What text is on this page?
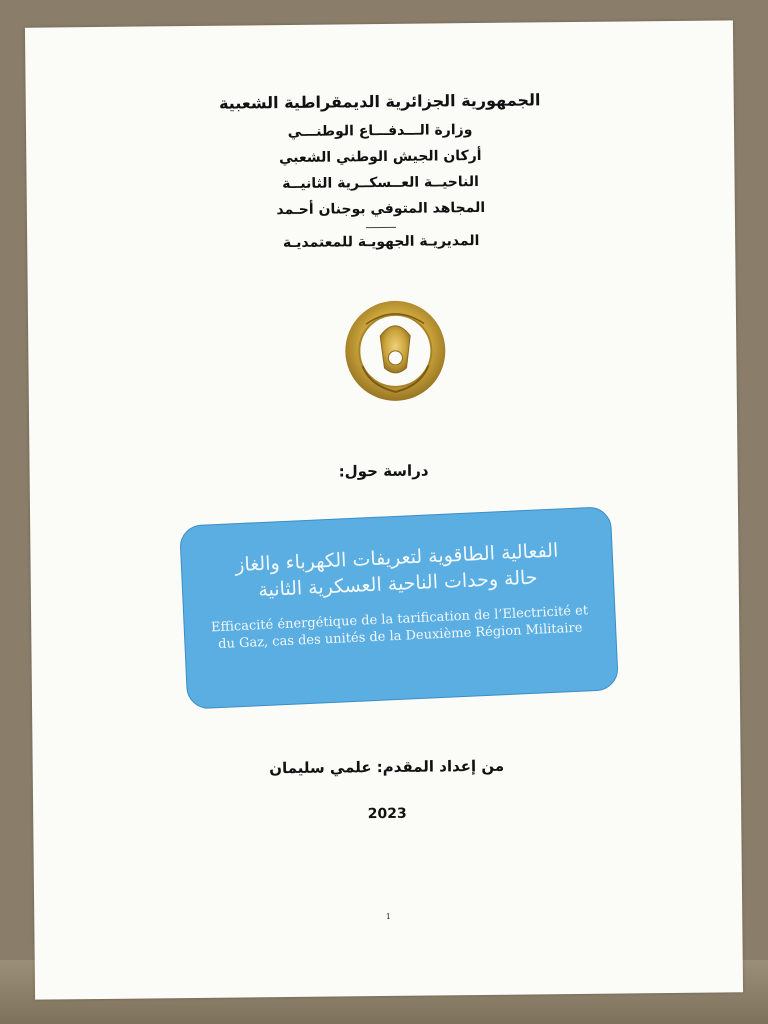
الجمهورية الجزائرية الديمقراطية الشعبية
وزارة الـــدفـــاع الوطنـــي
أركان الجيش الوطني الشعبي
الناحيــة العــسكــرية الثانيــة
المجاهد المتوفي بوجنان أحـمد
المديريـة الجهويـة للمعتمديـة
دراسة حول:
الفعالية الطاقوية لتعريفات الكهرباء والغاز
حالة وحدات الناحية العسكرية الثانية
Efficacité énergétique de la tarification de l’Electricité et du Gaz, cas des unités de la Deuxième Région Militaire
من إعداد المقدم: علمي سليمان
2023
1
